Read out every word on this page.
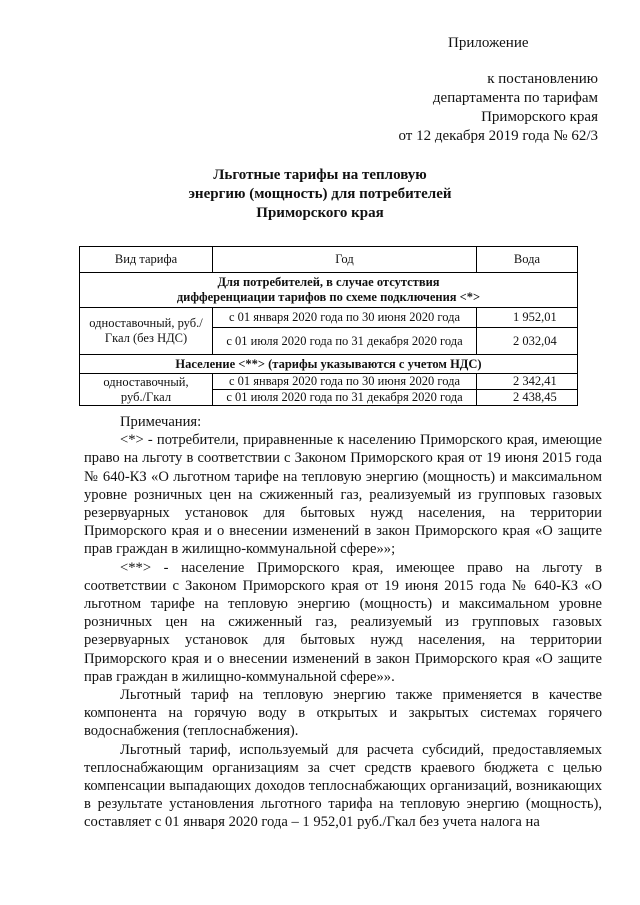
Приложение
к постановлению
департамента по тарифам
Приморского края
от 12 декабря 2019 года № 62/3
Льготные тарифы на тепловую
энергию (мощность) для потребителей
Приморского края
Вид тарифа	Год	Вода
Для потребителей, в случае отсутствия дифференциации тарифов по схеме подключения <*>		
одноставочный, руб./Гкал (без НДС)	с 01 января 2020 года по 30 июня 2020 года	1 952,01
	с 01 июля 2020 года по 31 декабря 2020 года	2 032,04
Население <**> (тарифы указываются с учетом НДС)		
одноставочный, руб./Гкал	с 01 января 2020 года по 30 июня 2020 года	2 342,41
	с 01 июля 2020 года по 31 декабря 2020 года	2 438,45

Примечания:

<*> - потребители, приравненные к населению Приморского края, имеющие право на льготу в соответствии с Законом Приморского края от 19 июня 2015 года № 640-КЗ «О льготном тарифе на тепловую энергию (мощность) и максимальном уровне розничных цен на сжиженный газ, реализуемый из групповых газовых резервуарных установок для бытовых нужд населения, на территории Приморского края и о внесении изменений в закон Приморского края «О защите прав граждан в жилищно-коммунальной сфере»»;

<**> - население Приморского края, имеющее право на льготу в соответствии с Законом Приморского края от 19 июня 2015 года № 640-КЗ «О льготном тарифе на тепловую энергию (мощность) и максимальном уровне розничных цен на сжиженный газ, реализуемый из групповых газовых резервуарных установок для бытовых нужд населения, на территории Приморского края и о внесении изменений в закон Приморского края «О защите прав граждан в жилищно-коммунальной сфере»».

Льготный тариф на тепловую энергию также применяется в качестве компонента на горячую воду в открытых и закрытых системах горячего водоснабжения (теплоснабжения).

Льготный тариф, используемый для расчета субсидий, предоставляемых теплоснабжающим организациям за счет средств краевого бюджета с целью компенсации выпадающих доходов теплоснабжающих организаций, возникающих в результате установления льготного тарифа на тепловую энергию (мощность), составляет с 01 января 2020 года – 1 952,01 руб./Гкал без учета налога на
